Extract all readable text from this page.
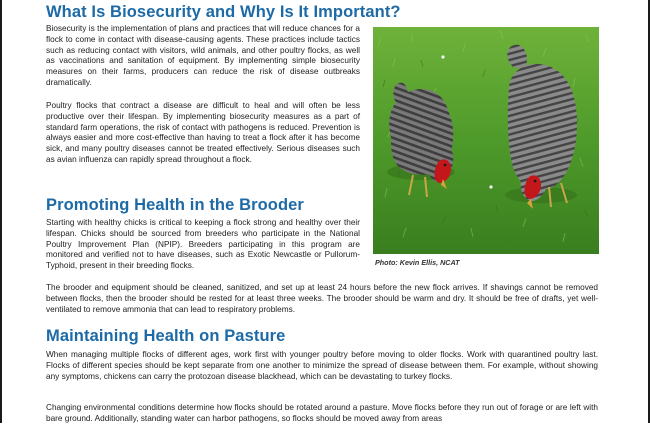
What Is Biosecurity and Why Is It Important?

Biosecurity is the implementation of plans and practices that will reduce chances for a flock to come in contact with disease-causing agents. These practices include tactics such as reducing contact with visitors, wild animals, and other poultry flocks, as well as vaccinations and sanitation of equipment. By implementing simple biosecurity measures on their farms, producers can reduce the risk of disease outbreaks dramatically.

Poultry flocks that contract a disease are difficult to heal and will often be less productive over their lifespan. By implementing biosecurity measures as a part of standard farm operations, the risk of contact with pathogens is reduced. Prevention is always easier and more cost-effective than having to treat a flock after it has become sick, and many poultry diseases cannot be treated effectively. Serious diseases such as avian influenza can rapidly spread throughout a flock.

Promoting Health in the Brooder

Starting with healthy chicks is critical to keeping a flock strong and healthy over their lifespan. Chicks should be sourced from breeders who participate in the National Poultry Improvement Plan (NPIP). Breeders participating in this program are monitored and verified not to have diseases, such as Exotic Newcastle or Pullorum-Typhoid, present in their breeding flocks.

The brooder and equipment should be cleaned, sanitized, and set up at least 24 hours before the new flock arrives. If shavings cannot be removed between flocks, then the brooder should be rested for at least three weeks. The brooder should be warm and dry. It should be free of drafts, yet well-ventilated to remove ammonia that can lead to respiratory problems.

Maintaining Health on Pasture

When managing multiple flocks of different ages, work first with younger poultry before moving to older flocks. Work with quarantined poultry last. Flocks of different species should be kept separate from one another to minimize the spread of disease between them. For example, without showing any symptoms, chickens can carry the protozoan disease blackhead, which can be devastating to turkey flocks.

Changing environmental conditions determine how flocks should be rotated around a pasture. Move flocks before they run out of forage or are left with bare ground. Additionally, standing water can harbor pathogens, so flocks should be moved away from areas

Photo: Kevin Ellis, NCAT
